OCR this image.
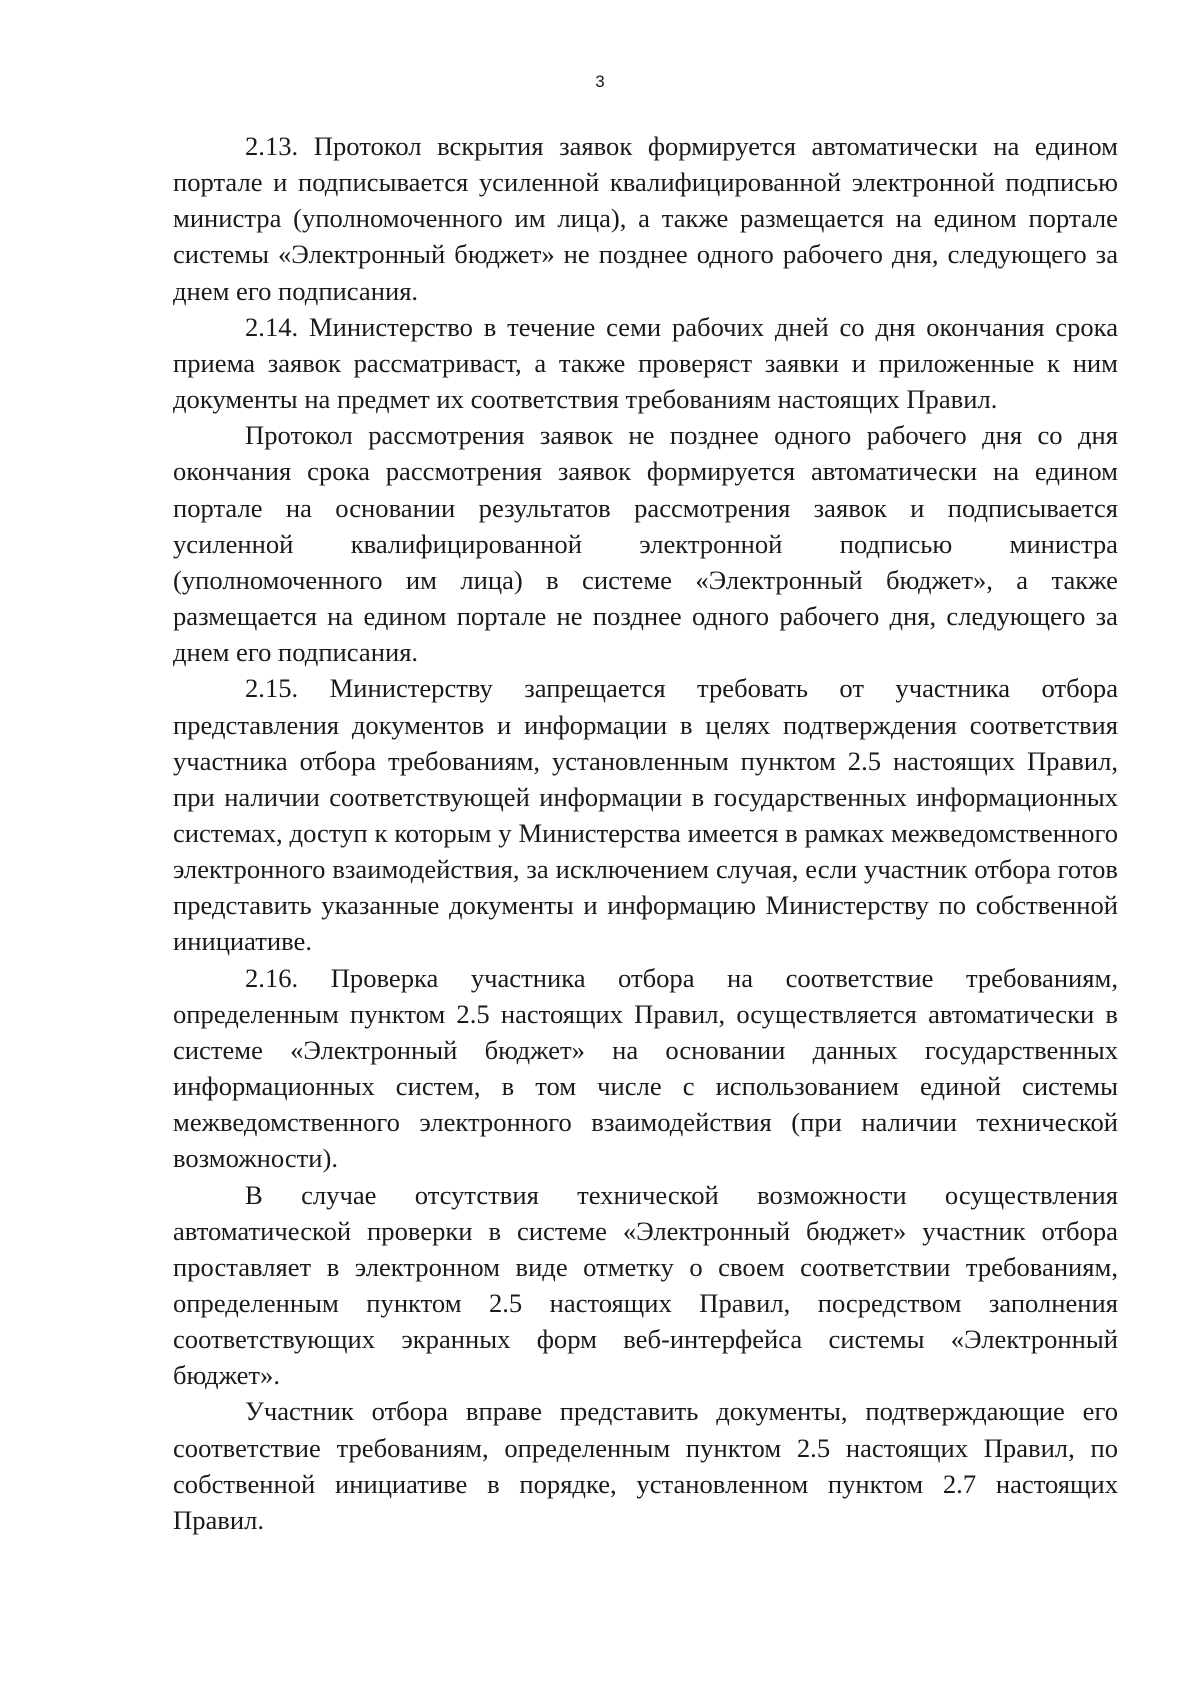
3

2.13. Протокол вскрытия заявок формируется автоматически на едином портале и подписывается усиленной квалифицированной электронной подписью министра (уполномоченного им лица), а также размещается на едином портале системы «Электронный бюджет» не позднее одного рабочего дня, следующего за днем его подписания.

2.14. Министерство в течение семи рабочих дней со дня окончания срока приема заявок рассматриваст, а также проверяст заявки и приложенные к ним документы на предмет их соответствия требованиям настоящих Правил.

Протокол рассмотрения заявок не позднее одного рабочего дня со дня окончания срока рассмотрения заявок формируется автоматически на едином портале на основании результатов рассмотрения заявок и подписывается усиленной квалифицированной электронной подписью министра (уполномоченного им лица) в системе «Электронный бюджет», а также размещается на едином портале не позднее одного рабочего дня, следующего за днем его подписания.

2.15. Министерству запрещается требовать от участника отбора представления документов и информации в целях подтверждения соответствия участника отбора требованиям, установленным пунктом 2.5 настоящих Правил, при наличии соответствующей информации в государственных информационных системах, доступ к которым у Министерства имеется в рамках межведомственного электронного взаимодействия, за исключением случая, если участник отбора готов представить указанные документы и информацию Министерству по собственной инициативе.

2.16. Проверка участника отбора на соответствие требованиям, определенным пунктом 2.5 настоящих Правил, осуществляется автоматически в системе «Электронный бюджет» на основании данных государственных информационных систем, в том числе с использованием единой системы межведомственного электронного взаимодействия (при наличии технической возможности).

В случае отсутствия технической возможности осуществления автоматической проверки в системе «Электронный бюджет» участник отбора проставляет в электронном виде отметку о своем соответствии требованиям, определенным пунктом 2.5 настоящих Правил, посредством заполнения соответствующих экранных форм веб-интерфейса системы «Электронный бюджет».

Участник отбора вправе представить документы, подтверждающие его соответствие требованиям, определенным пунктом 2.5 настоящих Правил, по собственной инициативе в порядке, установленном пунктом 2.7 настоящих Правил.
